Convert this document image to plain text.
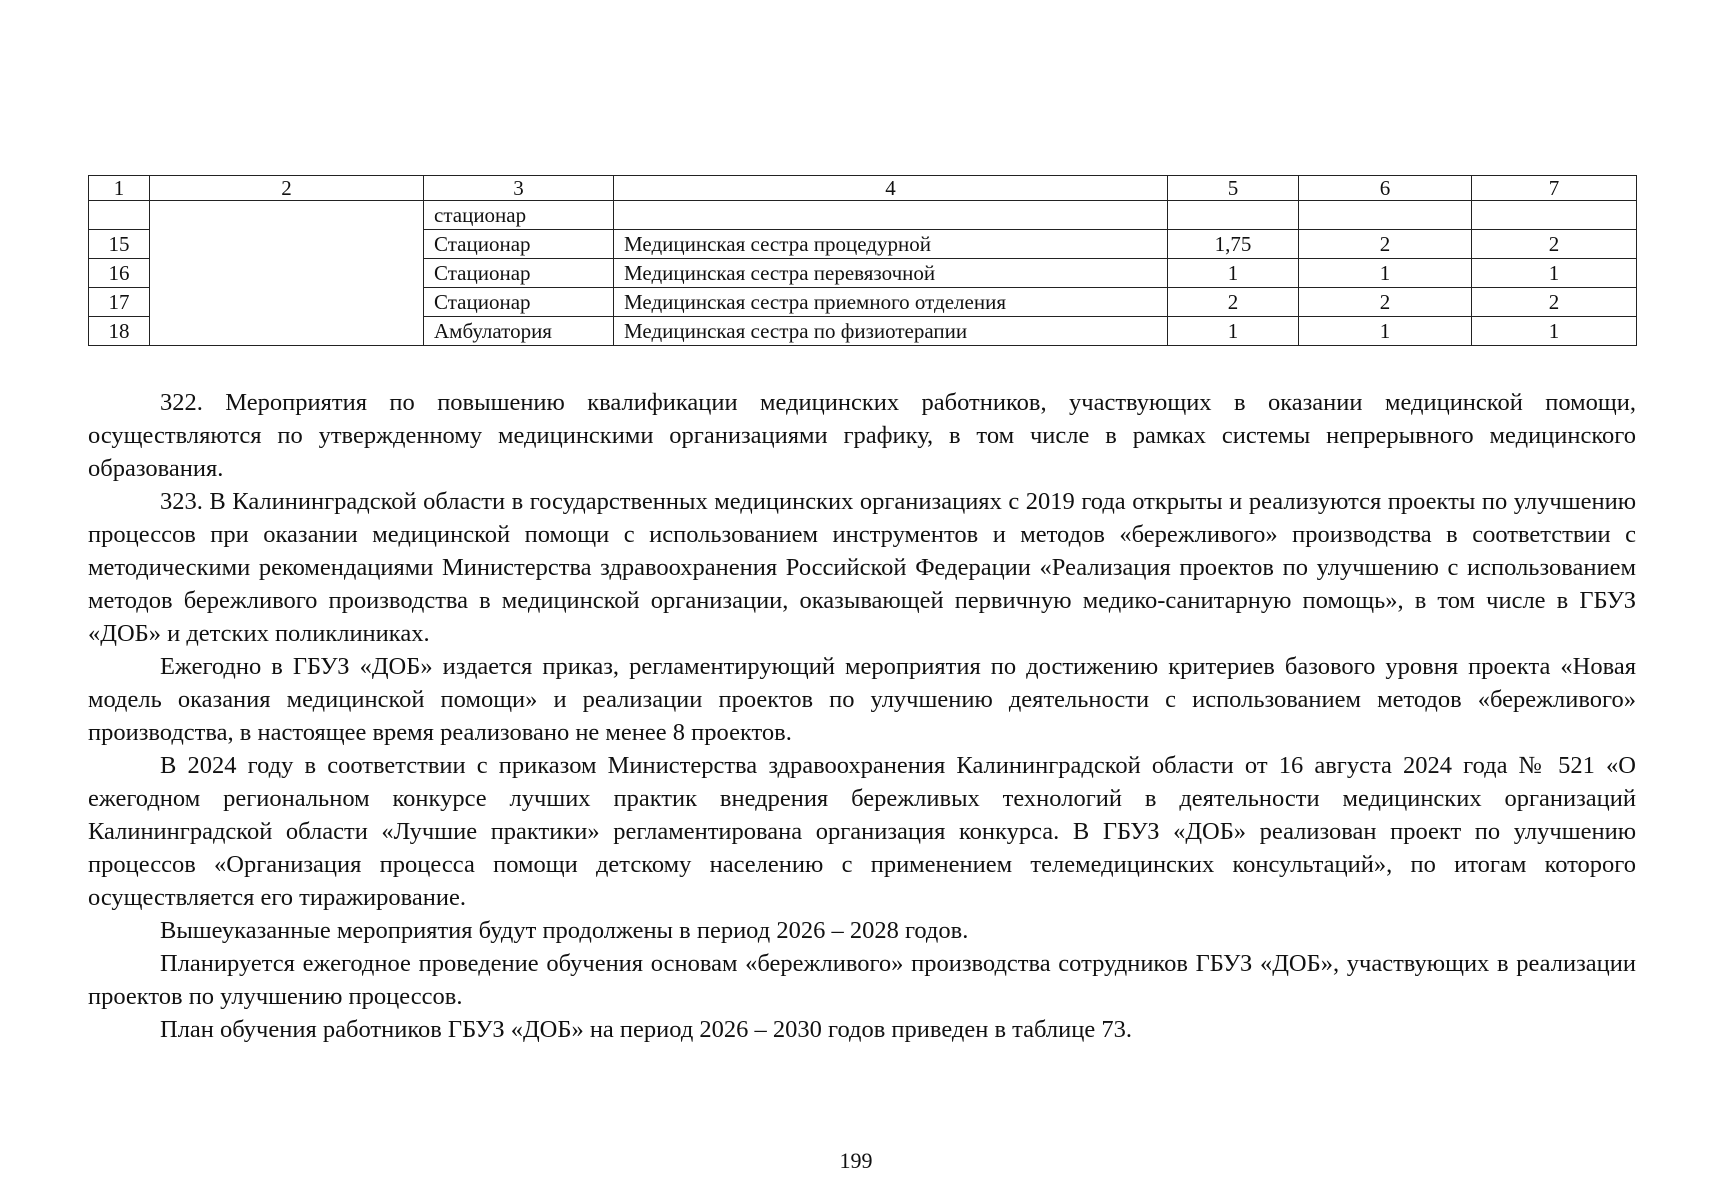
1	2	3	4	5	6	7
		стационар				
15		Стационар	Медицинская сестра процедурной	1,75	2	2
16		Стационар	Медицинская сестра перевязочной	1	1	1
17		Стационар	Медицинская сестра приемного отделения	2	2	2
18		Амбулатория	Медицинская сестра по физиотерапии	1	1	1

322. Мероприятия по повышению квалификации медицинских работников, участвующих в оказании медицинской помощи, осуществляются по утвержденному медицинскими организациями графику, в том числе в рамках системы непрерывного медицинского образования.

323. В Калининградской области в государственных медицинских организациях с 2019 года открыты и реализуются проекты по улучшению процессов при оказании медицинской помощи с использованием инструментов и методов «бережливого» производства в соответствии с методическими рекомендациями Министерства здравоохранения Российской Федерации «Реализация проектов по улучшению с использованием методов бережливого производства в медицинской организации, оказывающей первичную медико-санитарную помощь», в том числе в ГБУЗ «ДОБ» и детских поликлиниках.

Ежегодно в ГБУЗ «ДОБ» издается приказ, регламентирующий мероприятия по достижению критериев базового уровня проекта «Новая модель оказания медицинской помощи» и реализации проектов по улучшению деятельности с использованием методов «бережливого» производства, в настоящее время реализовано не менее 8 проектов.

В 2024 году в соответствии с приказом Министерства здравоохранения Калининградской области от 16 августа 2024 года № 521 «О ежегодном региональном конкурсе лучших практик внедрения бережливых технологий в деятельности медицинских организаций Калининградской области «Лучшие практики» регламентирована организация конкурса. В ГБУЗ «ДОБ» реализован проект по улучшению процессов «Организация процесса помощи детскому населению с применением телемедицинских консультаций», по итогам которого осуществляется его тиражирование.

Вышеуказанные мероприятия будут продолжены в период 2026 – 2028 годов.

Планируется ежегодное проведение обучения основам «бережливого» производства сотрудников ГБУЗ «ДОБ», участвующих в реализации проектов по улучшению процессов.

План обучения работников ГБУЗ «ДОБ» на период 2026 – 2030 годов приведен в таблице 73.

199
